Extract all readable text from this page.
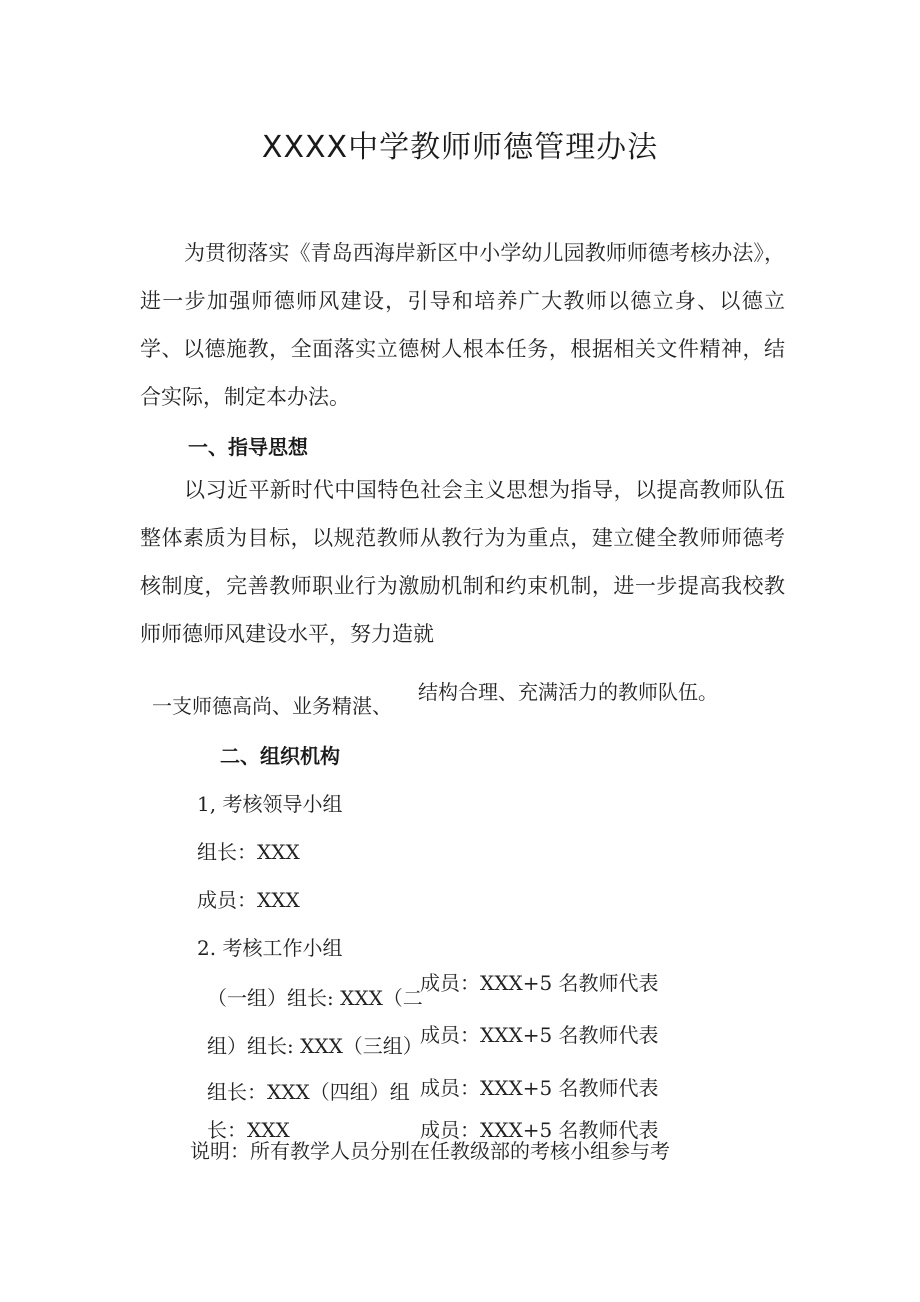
XXXX中学教师师德管理办法

为贯彻落实《青岛西海岸新区中小学幼儿园教师师德考核办法》，进一步加强师德师风建设，引导和培养广大教师以德立身、以德立学、以德施教，全面落实立德树人根本任务，根据相关文件精神，结合实际，制定本办法。

一、指导思想

以习近平新时代中国特色社会主义思想为指导，以提高教师队伍整体素质为目标，以规范教师从教行为为重点，建立健全教师师德考核制度，完善教师职业行为激励机制和约束机制，进一步提高我校教师师德师风建设水平，努力造就

一支师德高尚、业务精湛、
结构合理、充满活力的教师队伍。
二、组织机构
1, 考核领导小组
组长：XXX
成员：XXX
2. 考核工作小组
（一组）组长: XXX（二
成员：XXX+5 名教师代表
组）组长: XXX（三组）
成员：XXX+5 名教师代表
组长：XXX（四组）组 成员：XXX+5 名教师代表
长：XXX	成员：XXX+5 名教师代表
说明：所有教学人员分别在任教级部的考核小组参与考
